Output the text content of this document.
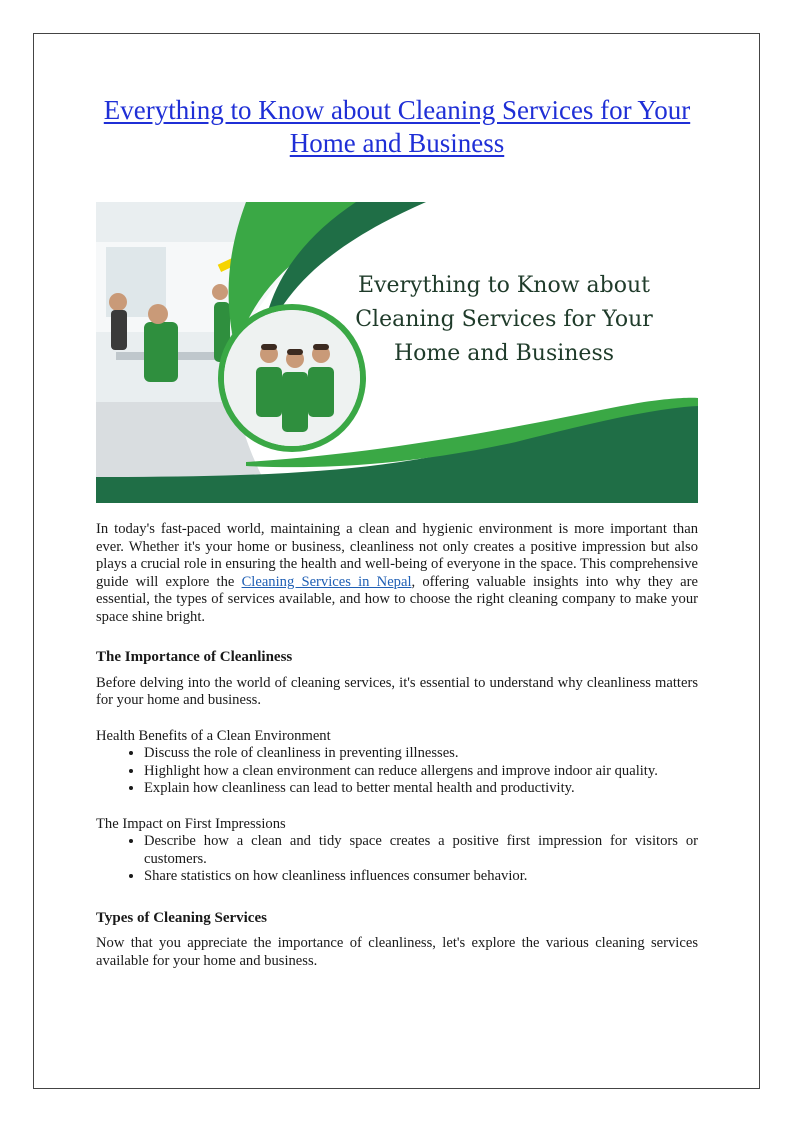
Everything to Know about Cleaning Services for Your Home and Business
Everything to Know about
Cleaning Services for Your
Home and Business

In today's fast-paced world, maintaining a clean and hygienic environment is more important than ever. Whether it's your home or business, cleanliness not only creates a positive impression but also plays a crucial role in ensuring the health and well-being of everyone in the space. This comprehensive guide will explore the Cleaning Services in Nepal, offering valuable insights into why they are essential, the types of services available, and how to choose the right cleaning company to make your space shine bright.

The Importance of Cleanliness

Before delving into the world of cleaning services, it's essential to understand why cleanliness matters for your home and business.

Health Benefits of a Clean Environment

• Discuss the role of cleanliness in preventing illnesses.
• Highlight how a clean environment can reduce allergens and improve indoor air quality.
• Explain how cleanliness can lead to better mental health and productivity.

The Impact on First Impressions

• Describe how a clean and tidy space creates a positive first impression for visitors or customers.
• Share statistics on how cleanliness influences consumer behavior.

Types of Cleaning Services

Now that you appreciate the importance of cleanliness, let's explore the various cleaning services available for your home and business.
